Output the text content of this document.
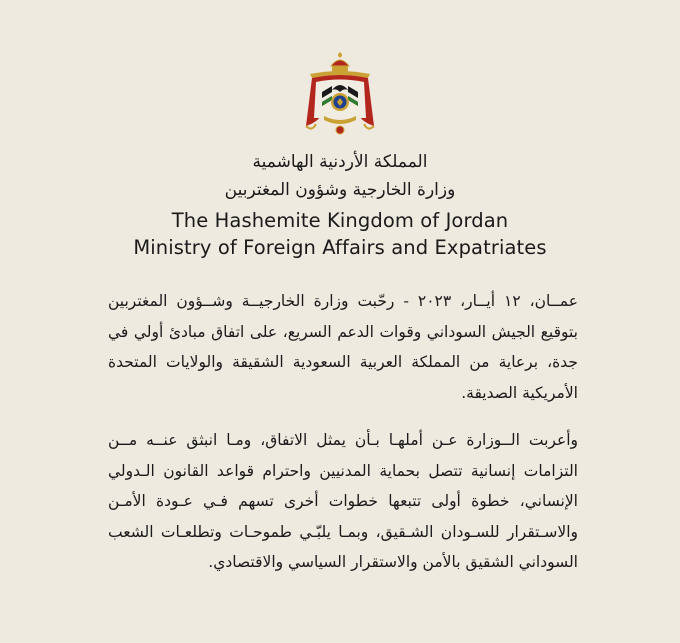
المملكة الأردنية الهاشمية
وزارة الخارجية وشؤون المغتربين
The Hashemite Kingdom of Jordan
Ministry of Foreign Affairs and Expatriates

عمــان، ١٢ أيــار، ٢٠٢٣ - رحّبت وزارة الخارجيــة وشــؤون المغتربين بتوقيع الجيش السوداني وقوات الدعم السريع، على اتفاق مبادئ أولي في جدة، برعاية من المملكة العربية السعودية الشقيقة والولايات المتحدة الأمريكية الصديقة.

وأعربت الــوزارة عـن أملهـا بـأن يمثل الاتفاق، ومـا انبثق عنــه مــن التزامات إنسانية تتصل بحماية المدنيين واحترام قواعد القانون الـدولي الإنساني، خطوة أولى تتبعها خطوات أخرى تسهم فـي عـودة الأمـن والاسـتقرار للسـودان الشـقيق، وبمـا يلبّـي طموحـات وتطلعـات الشعب السوداني الشقيق بالأمن والاستقرار السياسي والاقتصادي.
